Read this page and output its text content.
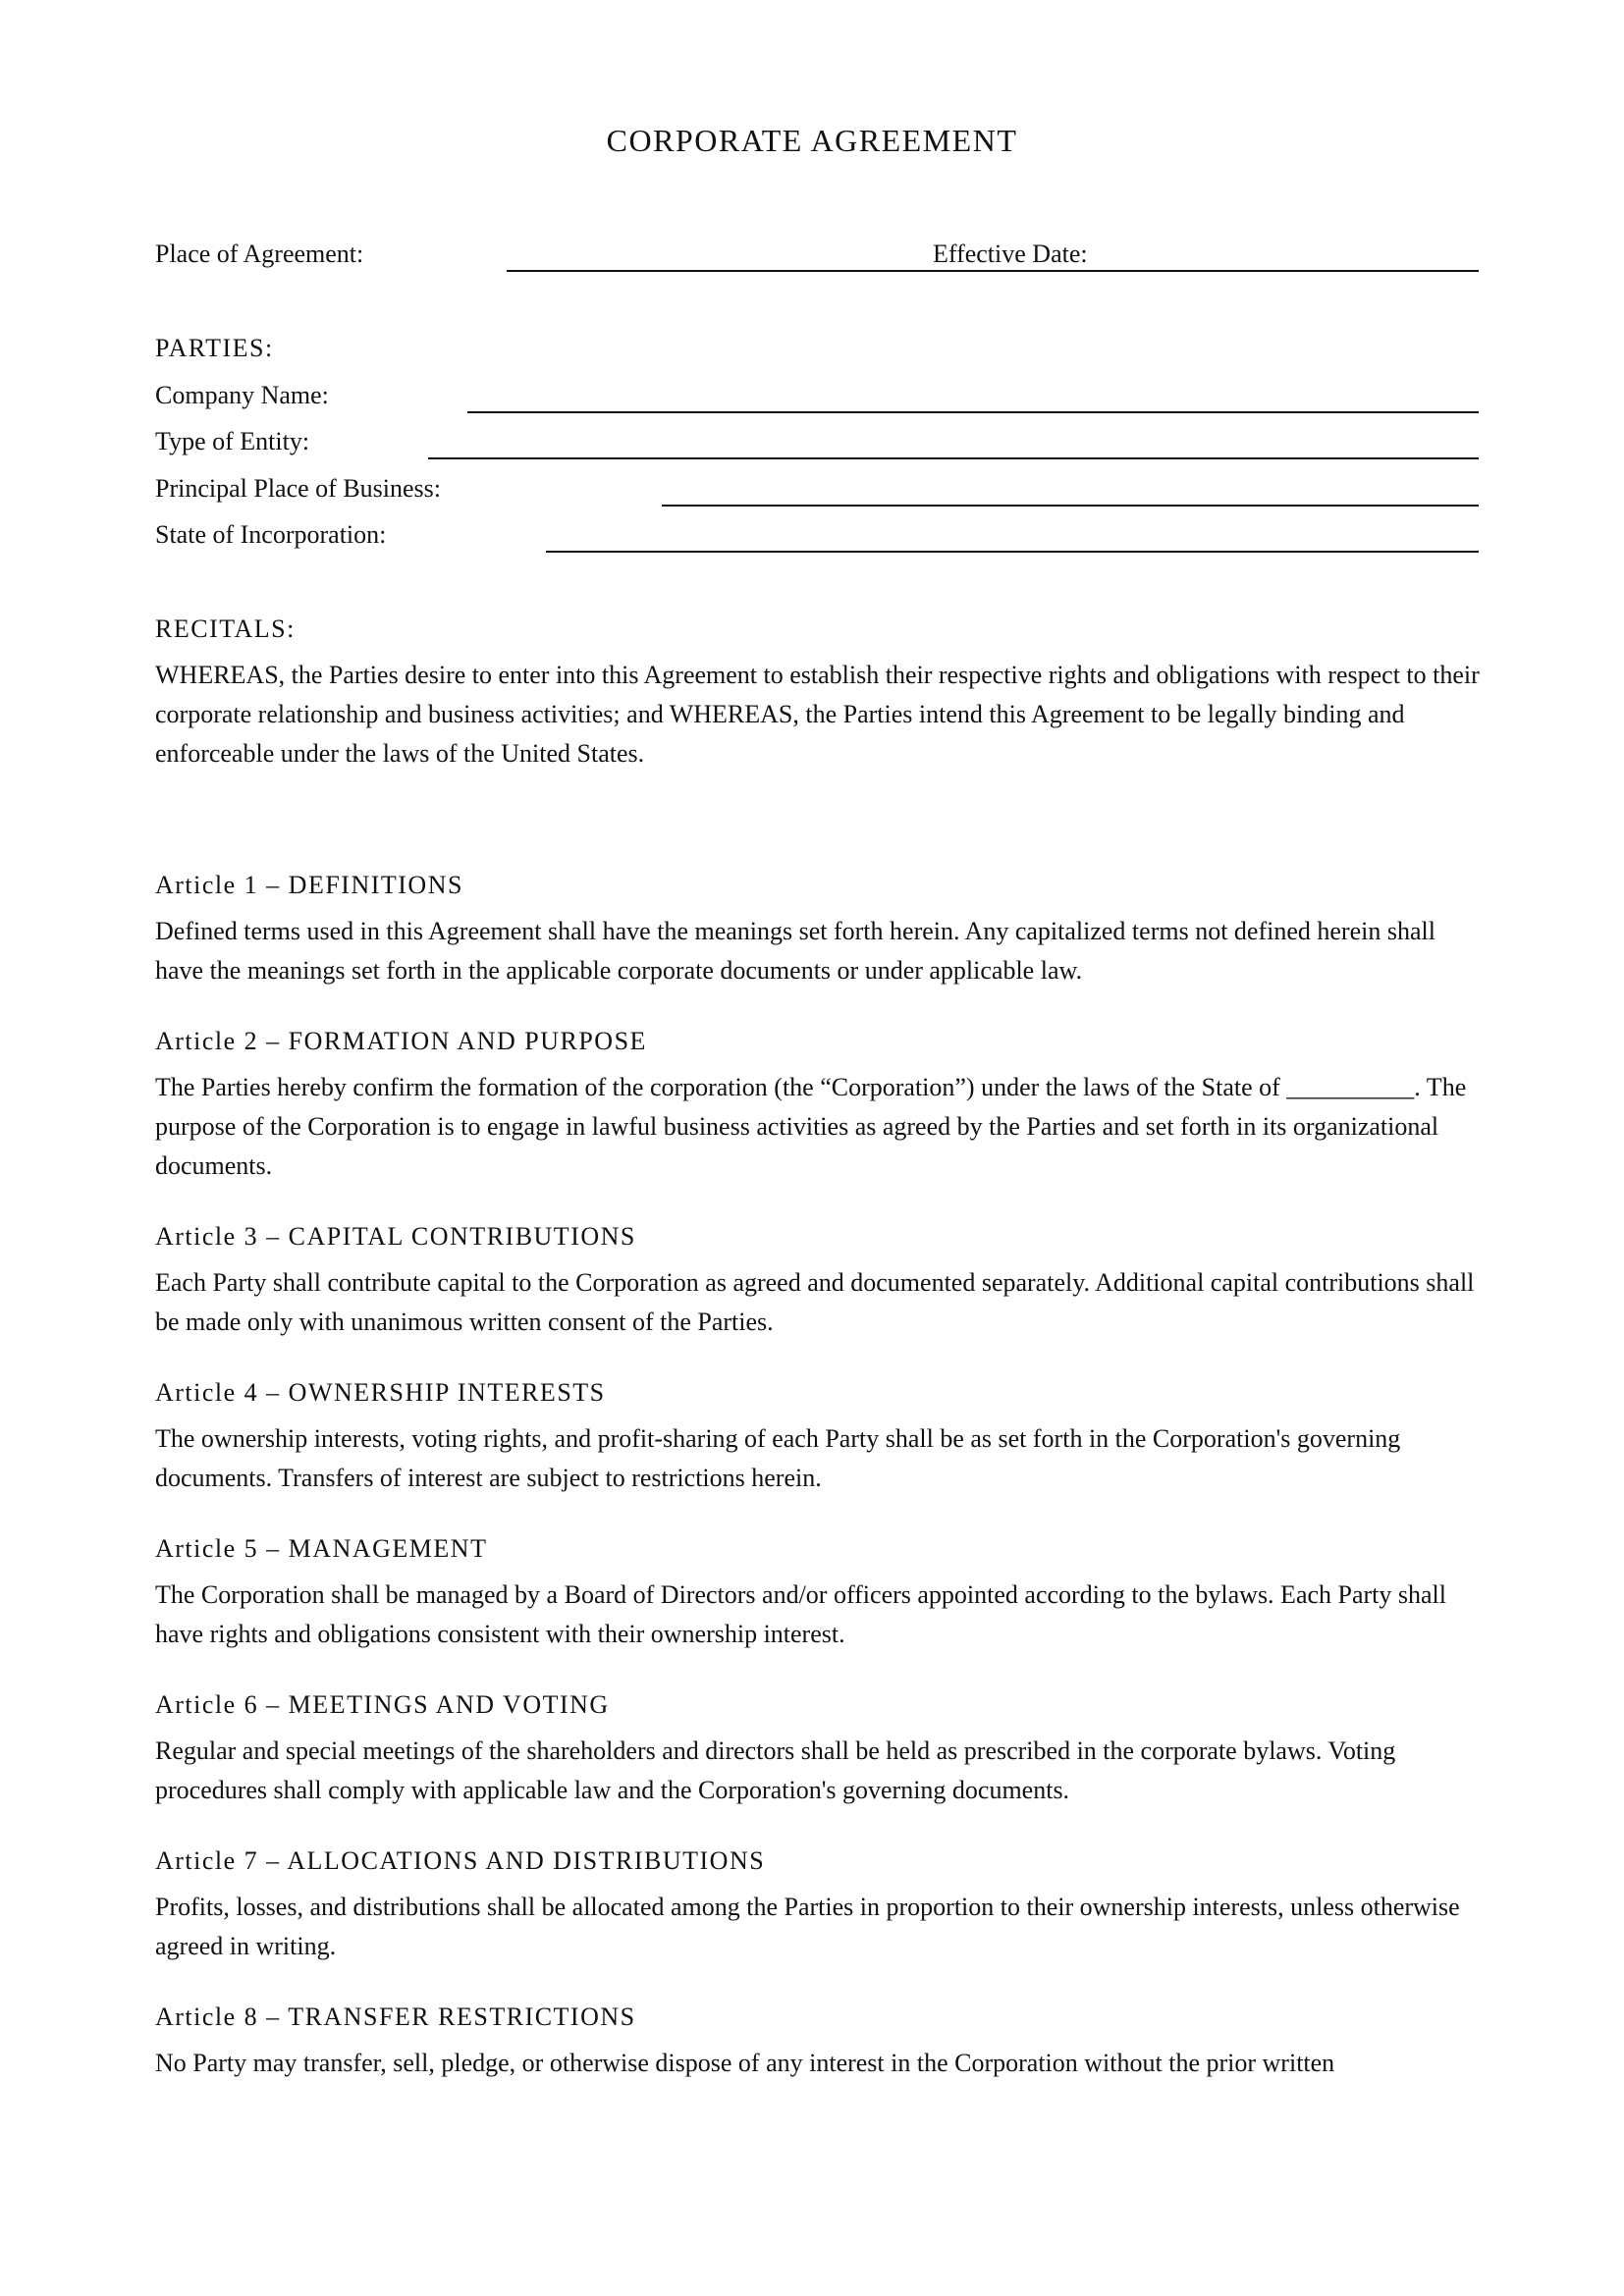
CORPORATE AGREEMENT
Place of Agreement:	Effective Date:
PARTIES:
Company Name:
Type of Entity:
Principal Place of Business:
State of Incorporation:
RECITALS:

WHEREAS, the Parties desire to enter into this Agreement to establish their respective rights and obligations with respect to their corporate relationship and business activities; and WHEREAS, the Parties intend this Agreement to be legally binding and enforceable under the laws of the United States.

Article 1 – DEFINITIONS

Defined terms used in this Agreement shall have the meanings set forth herein. Any capitalized terms not defined herein shall have the meanings set forth in the applicable corporate documents or under applicable law.

Article 2 – FORMATION AND PURPOSE

The Parties hereby confirm the formation of the corporation (the “Corporation”) under the laws of the State of __________. The purpose of the Corporation is to engage in lawful business activities as agreed by the Parties and set forth in its organizational documents.

Article 3 – CAPITAL CONTRIBUTIONS

Each Party shall contribute capital to the Corporation as agreed and documented separately. Additional capital contributions shall be made only with unanimous written consent of the Parties.

Article 4 – OWNERSHIP INTERESTS

The ownership interests, voting rights, and profit-sharing of each Party shall be as set forth in the Corporation's governing documents. Transfers of interest are subject to restrictions herein.

Article 5 – MANAGEMENT

The Corporation shall be managed by a Board of Directors and/or officers appointed according to the bylaws. Each Party shall have rights and obligations consistent with their ownership interest.

Article 6 – MEETINGS AND VOTING

Regular and special meetings of the shareholders and directors shall be held as prescribed in the corporate bylaws. Voting procedures shall comply with applicable law and the Corporation's governing documents.

Article 7 – ALLOCATIONS AND DISTRIBUTIONS

Profits, losses, and distributions shall be allocated among the Parties in proportion to their ownership interests, unless otherwise agreed in writing.

Article 8 – TRANSFER RESTRICTIONS

No Party may transfer, sell, pledge, or otherwise dispose of any interest in the Corporation without the prior written
